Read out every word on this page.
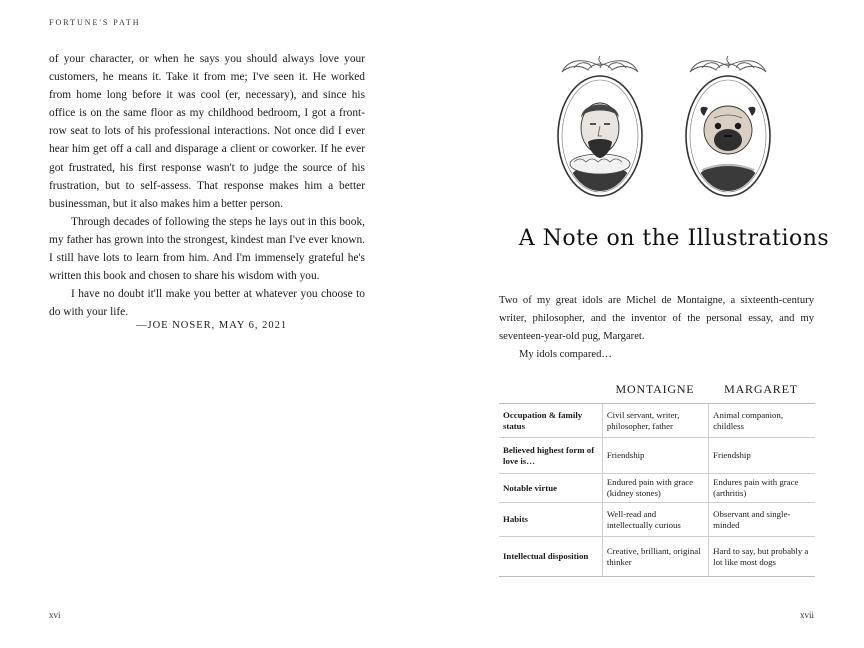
FORTUNE'S PATH

of your character, or when he says you should always love your customers, he means it. Take it from me; I've seen it. He worked from home long before it was cool (er, necessary), and since his office is on the same floor as my childhood bedroom, I got a front-row seat to lots of his professional interactions. Not once did I ever hear him get off a call and disparage a client or coworker. If he ever got frustrated, his first response wasn't to judge the source of his frustration, but to self-assess. That response makes him a better businessman, but it also makes him a better person.

Through decades of following the steps he lays out in this book, my father has grown into the strongest, kindest man I've ever known. I still have lots to learn from him. And I'm immensely grateful he's written this book and chosen to share his wisdom with you.

I have no doubt it'll make you better at whatever you choose to do with your life.

—JOE NOSER, MAY 6, 2021
xvi
A Note on the Illustrations

Two of my great idols are Michel de Montaigne, a sixteenth-century writer, philosopher, and the inventor of the personal essay, and my seventeen-year-old pug, Margaret.

My idols compared…

MONTAIGNE	MARGARET
Occupation & family status	Civil servant, writer, philosopher, father	Animal companion, childless
Believed highest form of love is…	Friendship	Friendship
Notable virtue	Endured pain with grace (kidney stones)	Endures pain with grace (arthritis)
Habits	Well-read and intellectually curious	Observant and single-minded
Intellectual disposition	Creative, brilliant, original thinker	Hard to say, but probably a lot like most dogs
xvii
